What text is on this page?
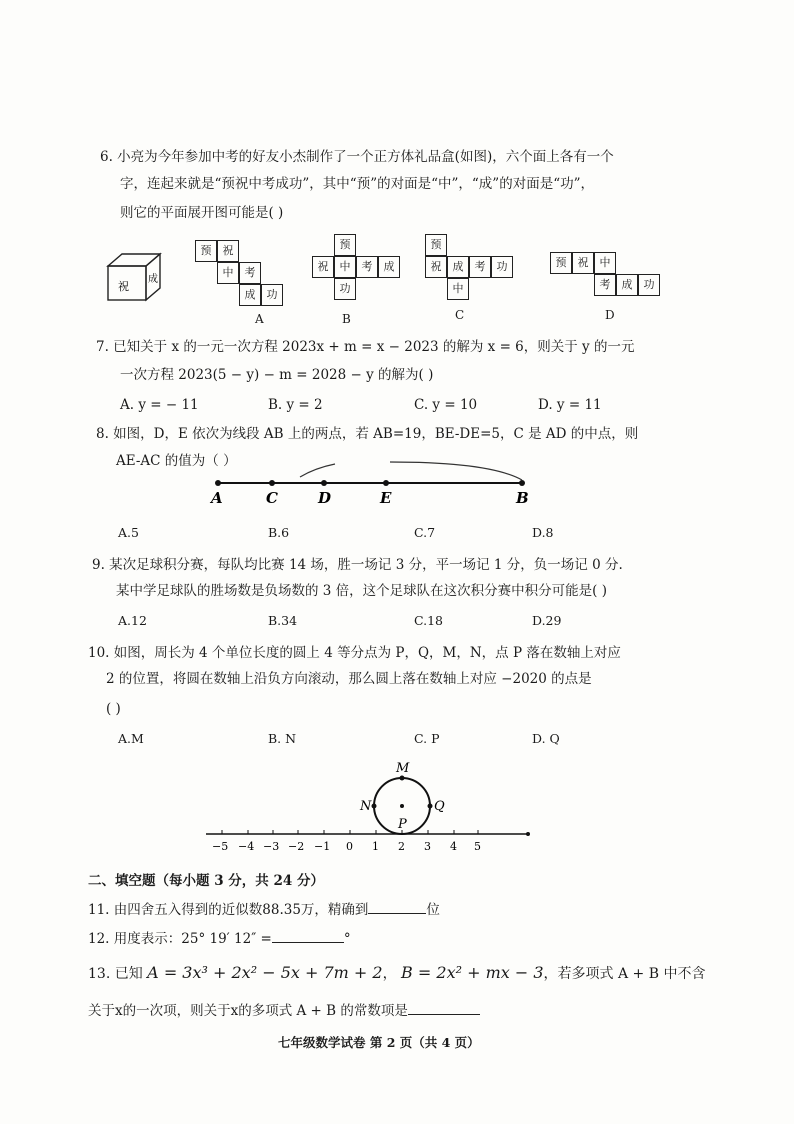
6. 小亮为今年参加中考的好友小杰制作了一个正方体礼品盒(如图)，六个面上各有一个
字，连起来就是“预祝中考成功”，其中“预”的对面是“中”，“成”的对面是“功”，
则它的平面展开图可能是( )
祝
成
预	祝
中	考
成	功
A
预
祝	中	考	成
功
B
预
祝	成	考	功
中
C
预	祝	中
考	成	功
D
7. 已知关于 x 的一元一次方程 2023x + m = x − 2023 的解为 x = 6，则关于 y 的一元
一次方程 2023(5 − y) − m = 2028 − y 的解为( )
A. y = − 11	B. y = 2	C. y = 10	D. y = 11
8. 如图，D，E 依次为线段 AB 上的两点，若 AB=19，BE-DE=5，C 是 AD 的中点，则
AE-AC 的值为（ ）
A	C	D	E	B
A.5	B.6	C.7	D.8
9. 某次足球积分赛，每队均比赛 14 场，胜一场记 3 分，平一场记 1 分，负一场记 0 分.
某中学足球队的胜场数是负场数的 3 倍，这个足球队在这次积分赛中积分可能是( )
A.12	B.34	C.18	D.29
10. 如图，周长为 4 个单位长度的圆上 4 等分点为 P，Q，M，N，点 P 落在数轴上对应
2 的位置，将圆在数轴上沿负方向滚动，那么圆上落在数轴上对应 −2020 的点是
( )
A.M	B. N	C. P	D. Q
M
N	Q
P
−5 −4 −3 −2 −1 0 1 2 3 4 5
二、填空题（每小题 3 分，共 24 分）
11. 由四舍五入得到的近似数88.35万，精确到	位
12. 用度表示：25° 19′ 12″ =	°
13. 已知 A = 3x³ + 2x² − 5x + 7m + 2， B = 2x² + mx − 3，若多项式 A + B 中不含
关于x的一次项，则关于x的多项式 A + B 的常数项是
七年级数学试卷 第 2 页（共 4 页）
